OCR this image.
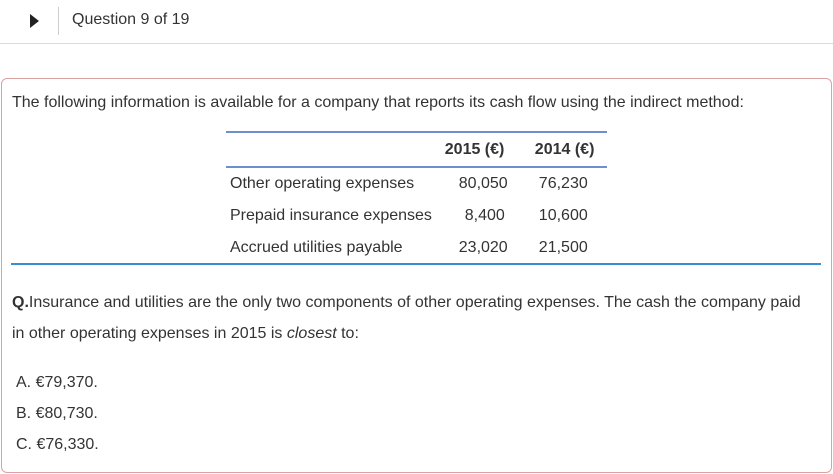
Question 9 of 19
The following information is available for a company that reports its cash flow using the indirect method:
	2015 (€)	2014 (€)
Other operating expenses	80,050	76,230
Prepaid insurance expenses	8,400	10,600
Accrued utilities payable	23,020	21,500
Q.Insurance and utilities are the only two components of other operating expenses. The cash the company paid in other operating expenses in 2015 is closest to:
A. €79,370.
B. €80,730.
C. €76,330.
